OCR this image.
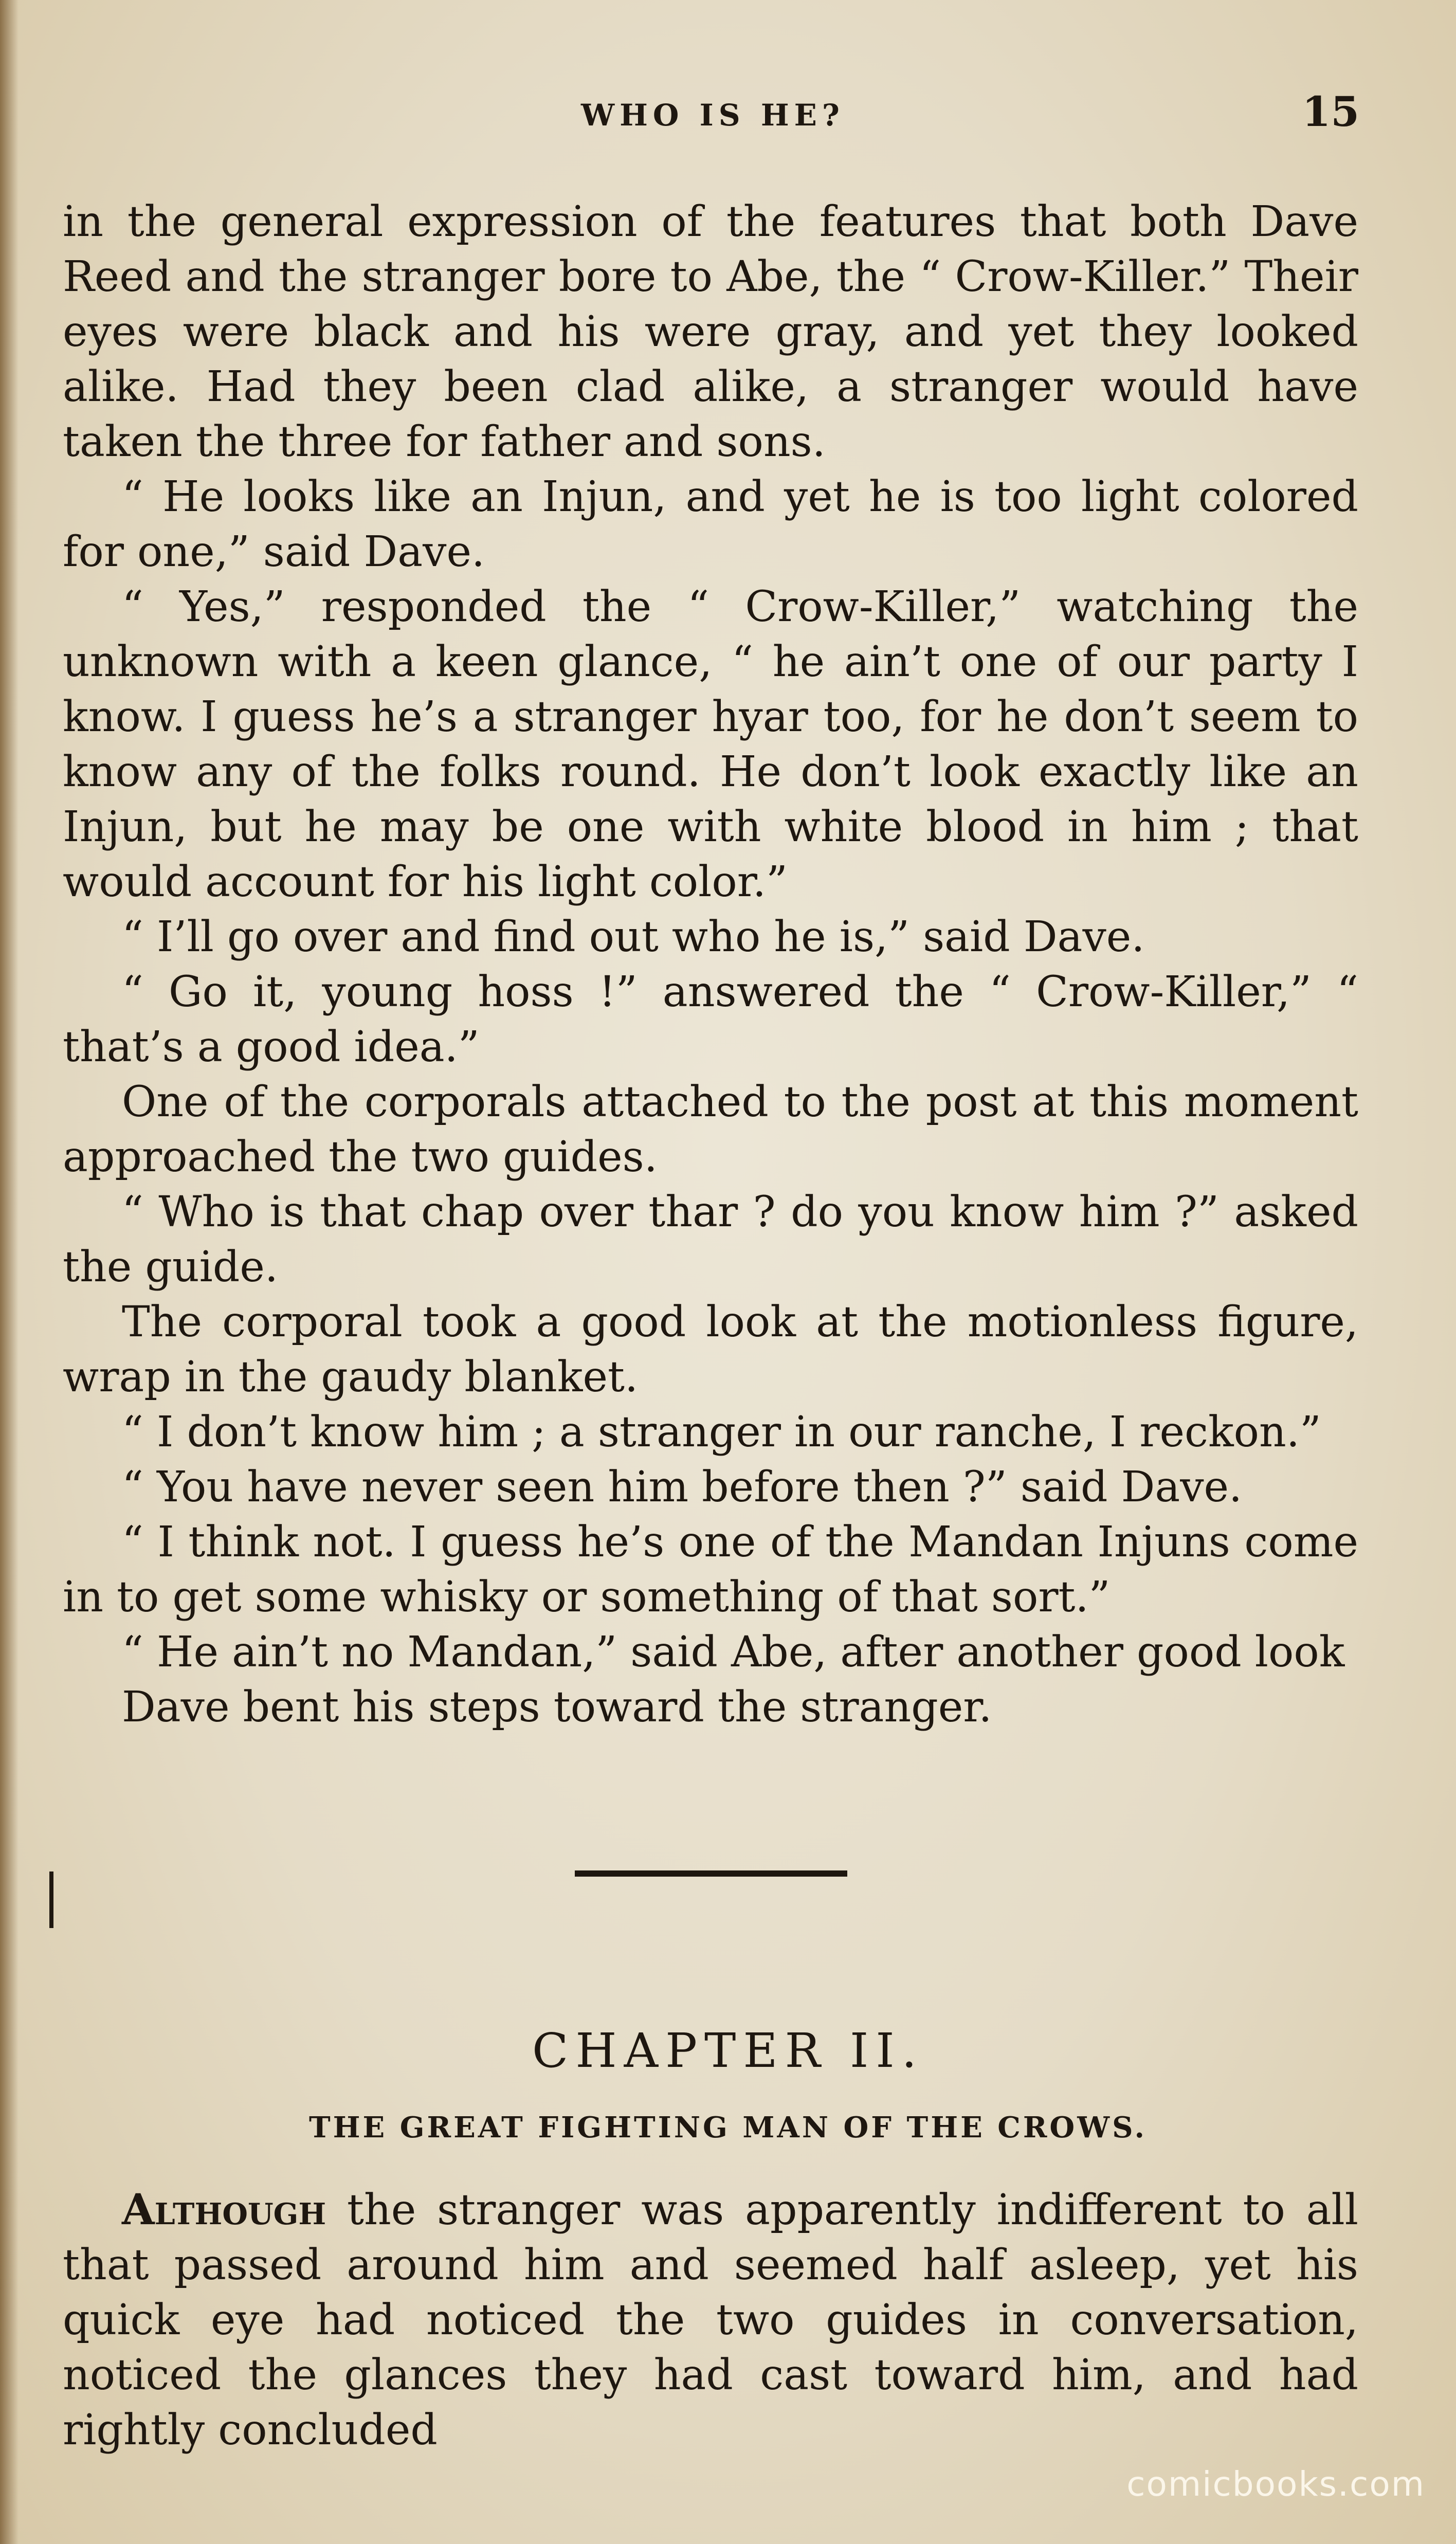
WHO IS HE?	15

in the general expression of the features that both Dave Reed and the stranger bore to Abe, the “ Crow-Killer.” Their eyes were black and his were gray, and yet they looked alike. Had they been clad alike, a stranger would have taken the three for father and sons.

“ He looks like an Injun, and yet he is too light colored for one,” said Dave.

“ Yes,” responded the “ Crow-Killer,” watching the unknown with a keen glance, “ he ain’t one of our party I know. I guess he’s a stranger hyar too, for he don’t seem to know any of the folks round. He don’t look exactly like an Injun, but he may be one with white blood in him ; that would account for his light color.”

“ I’ll go over and find out who he is,” said Dave.

“ Go it, young hoss !” answered the “ Crow-Killer,” “ that’s a good idea.”

One of the corporals attached to the post at this moment approached the two guides.

“ Who is that chap over thar ? do you know him ?” asked the guide.

The corporal took a good look at the motionless figure, wrap in the gaudy blanket.

“ I don’t know him ; a stranger in our ranche, I reckon.”

“ You have never seen him before then ?” said Dave.

“ I think not. I guess he’s one of the Mandan Injuns come in to get some whisky or something of that sort.”

“ He ain’t no Mandan,” said Abe, after another good look

Dave bent his steps toward the stranger.

CHAPTER II.
THE GREAT FIGHTING MAN OF THE CROWS.

Although the stranger was apparently indifferent to all that passed around him and seemed half asleep, yet his quick eye had noticed the two guides in conversation, noticed the glances they had cast toward him, and had rightly concluded

comicbooks.com
